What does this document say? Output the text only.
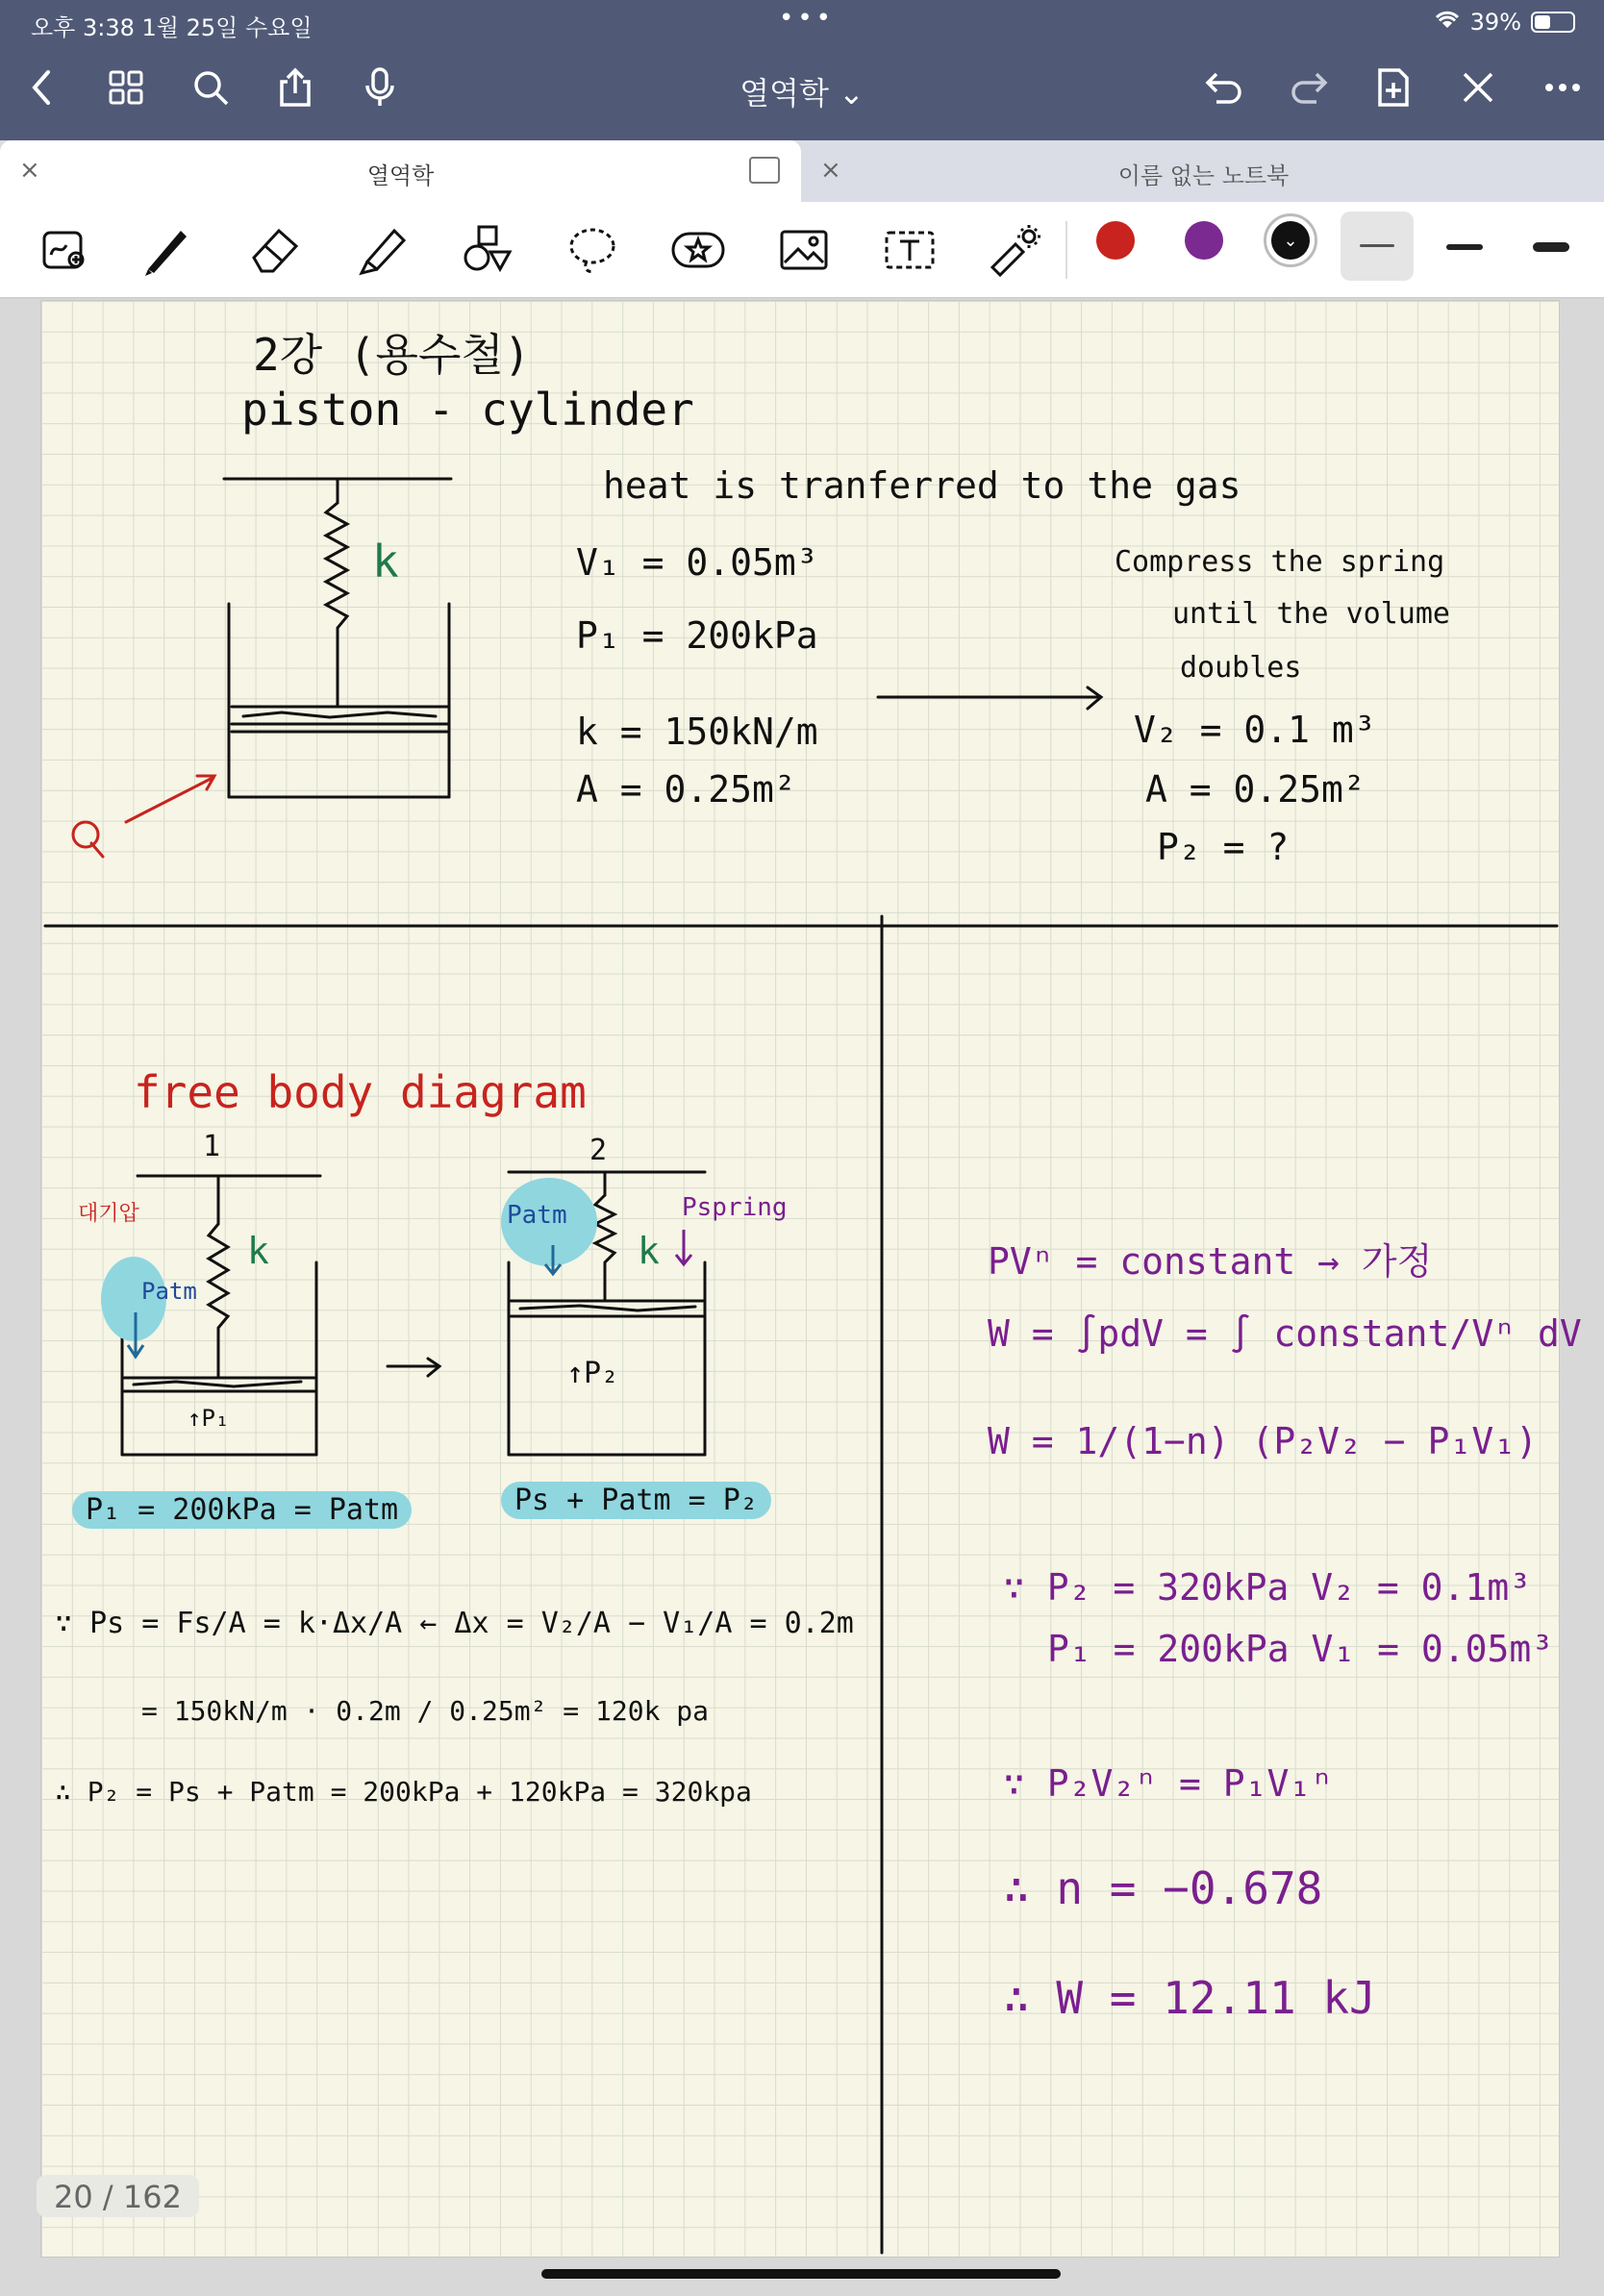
오후 3:38 1월 25일 수요일	•••	39%
열역학 ⌄
×	열역학	×	이름 없는 노트북
⌄
2강 (용수철)
piston - cylinder
heat is tranferred to the gas
k	V₁ = 0.05m³
P₁ = 200kPa
k = 150kN/m
A = 0.25m²
Compress the spring
until the volume
doubles
V₂ = 0.1 m³
A = 0.25m²
P₂ = ?
free body diagram
1	2
대기압
Patm
k
↑P₁
Patm
k
Pspring
↑P₂
P₁ = 200kPa = Patm	Ps + Patm = P₂
∵ Ps = Fs/A = k·Δx/A ← Δx = V₂/A − V₁/A = 0.2m
= 150kN/m · 0.2m / 0.25m² = 120k pa
∴ P₂ = Ps + Patm = 200kPa + 120kPa = 320kpa
PVⁿ = constant → 가정
W = ∫pdV = ∫ constant/Vⁿ dV
W = 1/(1−n) (P₂V₂ − P₁V₁)
∵ P₂ = 320kPa V₂ = 0.1m³
P₁ = 200kPa V₁ = 0.05m³
∵ P₂V₂ⁿ = P₁V₁ⁿ
∴ n = −0.678
∴ W = 12.11 kJ
20 / 162
